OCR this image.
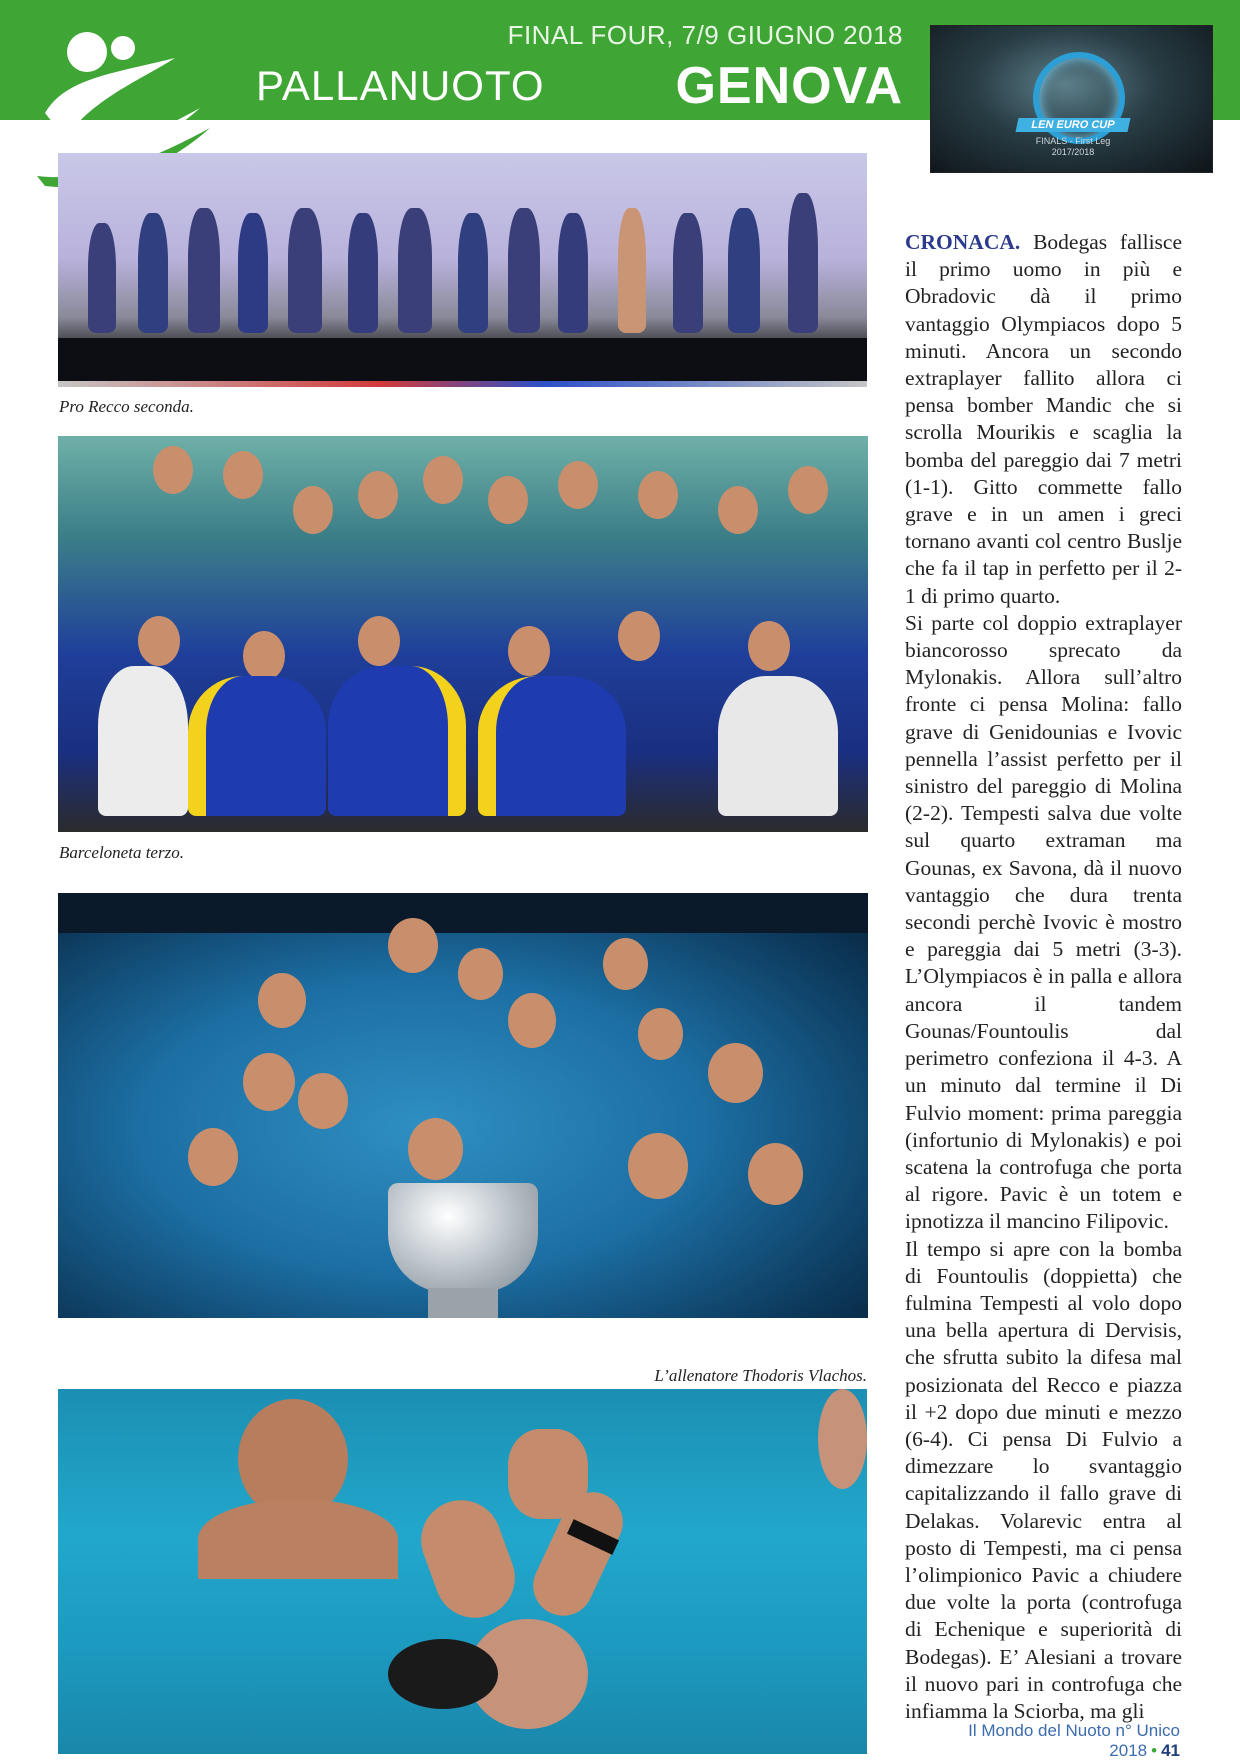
FINAL FOUR, 7/9 GIUGNO 2018
PALLANUOTO	GENOVA
LEN EURO CUP
FINALS - First Leg
2017/2018
Pro Recco seconda.
Barceloneta terzo.
L’allenatore Thodoris Vlachos.

CRONACA. Bodegas fallisce il primo uomo in più e Obradovic dà il primo vantaggio Olympiacos dopo 5 minuti. Ancora un secondo extraplayer fallito allora ci pensa bomber Mandic che si scrolla Mourikis e scaglia la bomba del pareggio dai 7 metri (1-1). Gitto commette fallo grave e in un amen i greci tornano avanti col centro Buslje che fa il tap in perfetto per il 2-1 di primo quarto.

Si parte col doppio extraplayer biancorosso sprecato da Mylonakis. Allora sull’altro fronte ci pensa Molina: fallo grave di Genidounias e Ivovic pennella l’assist perfetto per il sinistro del pareggio di Molina (2-2). Tempesti salva due volte sul quarto extraman ma Gounas, ex Savona, dà il nuovo vantaggio che dura trenta secondi perchè Ivovic è mostro e pareggia dai 5 metri (3-3). L’Olympiacos è in palla e allora ancora il tandem Gounas/Fountoulis dal perimetro confeziona il 4-3. A un minuto dal termine il Di Fulvio moment: prima pareggia (infortunio di Mylonakis) e poi scatena la controfuga che porta al rigore. Pavic è un totem e ipnotizza il mancino Filipovic.

Il tempo si apre con la bomba di Fountoulis (doppietta) che fulmina Tempesti al volo dopo una bella apertura di Dervisis, che sfrutta subito la difesa mal posizionata del Recco e piazza il +2 dopo due minuti e mezzo (6-4). Ci pensa Di Fulvio a dimezzare lo svantaggio capitalizzando il fallo grave di Delakas. Volarevic entra al posto di Tempesti, ma ci pensa l’olimpionico Pavic a chiudere due volte la porta (controfuga di Echenique e superiorità di Bodegas). E’ Alesiani a trovare il nuovo pari in controfuga che infiamma la Sciorba, ma gli

Il Mondo del Nuoto n° Unico 2018 • 41
